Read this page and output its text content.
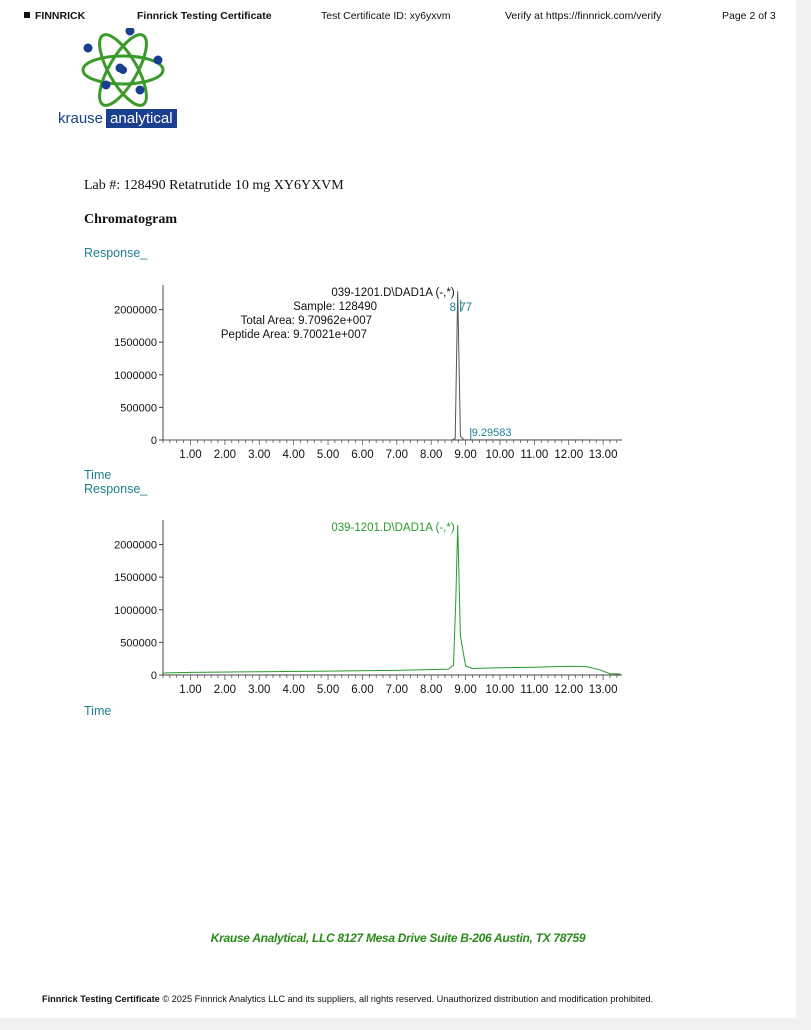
FINNRICK	Finnrick Testing Certificate	Test Certificate ID: xy6yxvm	Verify at https://finnrick.com/verify	Page 2 of 3
krause analytical
Lab #: 128490 Retatrutide 10 mg XY6YXVM
Chromatogram
Response_
0
500000
1000000
1500000
2000000
1.00 2.00 3.00 4.00 5.00 6.00 7.00 8.00 9.00 10.00 11.00 12.00 13.00
039-1201.D\DAD1A (-,*)
Sample: 128490
Total Area: 9.70962e+007
Peptide Area: 9.70021e+007
8.77
9.29583
Time
Response_
0
500000
1000000
1500000
2000000
1.00 2.00 3.00 4.00 5.00 6.00 7.00 8.00 9.00 10.00 11.00 12.00 13.00
039-1201.D\DAD1A (-,*)
Time
Krause Analytical, LLC 8127 Mesa Drive Suite B-206 Austin, TX 78759
Finnrick Testing Certificate © 2025 Finnrick Analytics LLC and its suppliers, all rights reserved. Unauthorized distribution and modification prohibited.
